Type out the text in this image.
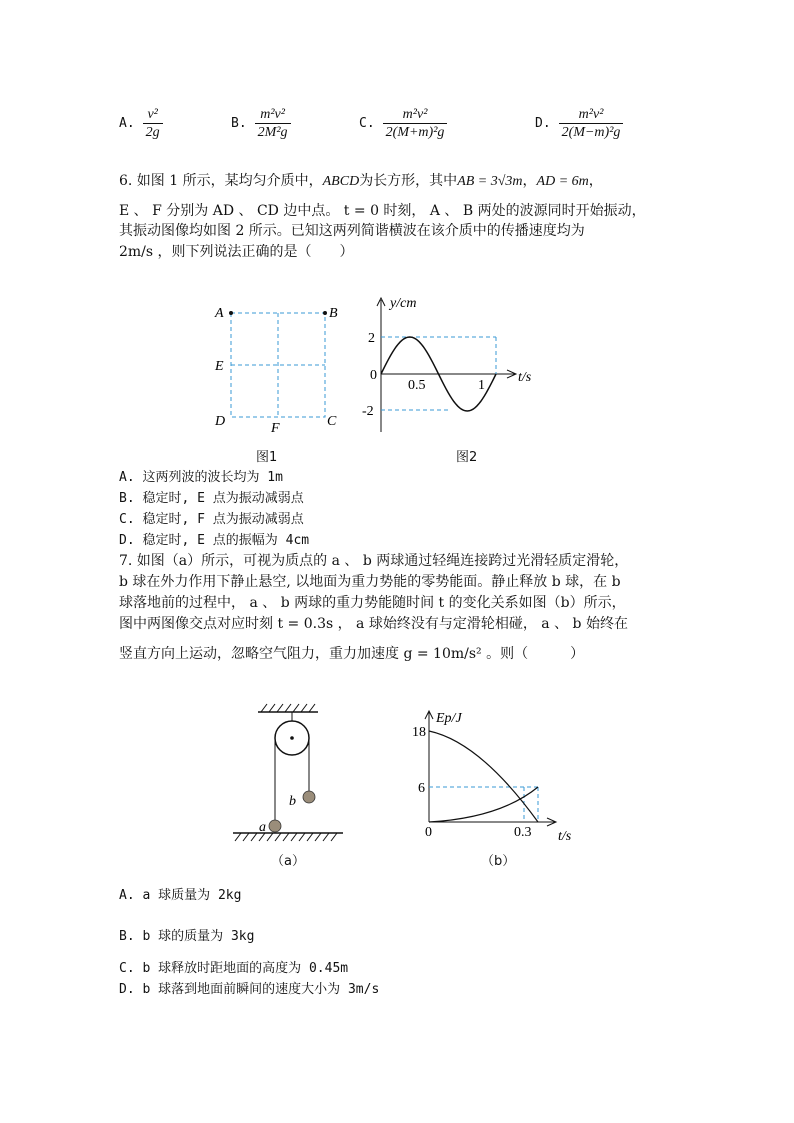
A. $\frac{\text{v²}}{2g}$	B. $\frac{\text{m²v²}}{\text{2M²g}}$	C. $\frac{\text{m²v²}}{\text{2(M+m)²g}}$	D. $\frac{\text{m²v²}}{\text{2(M−m)²g}}$
6. 如图 1 所示，某均匀介质中，ABCD为长方形，其中AB = 3√3m，AD = 6m，
E 、 F 分别为 AD 、 CD 边中点。 t = 0 时刻， A 、 B 两处的波源同时开始振动，
其振动图像均如图 2 所示。已知这两列简谐横波在该介质中的传播速度均为
2m/s ，则下列说法正确的是（　　）
A	B
E
D	C
F
图1
y/cm
2
0
-2
0.5	1
t/s
图2
A. 这两列波的波长均为 1m
B. 稳定时, E 点为振动减弱点
C. 稳定时, F 点为振动减弱点
D. 稳定时, E 点的振幅为 4cm
7. 如图（a）所示，可视为质点的 a 、 b 两球通过轻绳连接跨过光滑轻质定滑轮，
b 球在外力作用下静止悬空, 以地面为重力势能的零势能面。静止释放 b 球，在 b
球落地前的过程中， a 、 b 两球的重力势能随时间 t 的变化关系如图（b）所示，
图中两图像交点对应时刻 t = 0.3s ， a 球始终没有与定滑轮相碰， a 、 b 始终在
竖直方向上运动，忽略空气阻力，重力加速度 g = 10m/s² 。则（　　　）
b
a
（a）
Ep/J
18
6
0	0.3 t/s
（b）
A. a 球质量为 2kg
B. b 球的质量为 3kg
C. b 球释放时距地面的高度为 0.45m
D. b 球落到地面前瞬间的速度大小为 3m/s
